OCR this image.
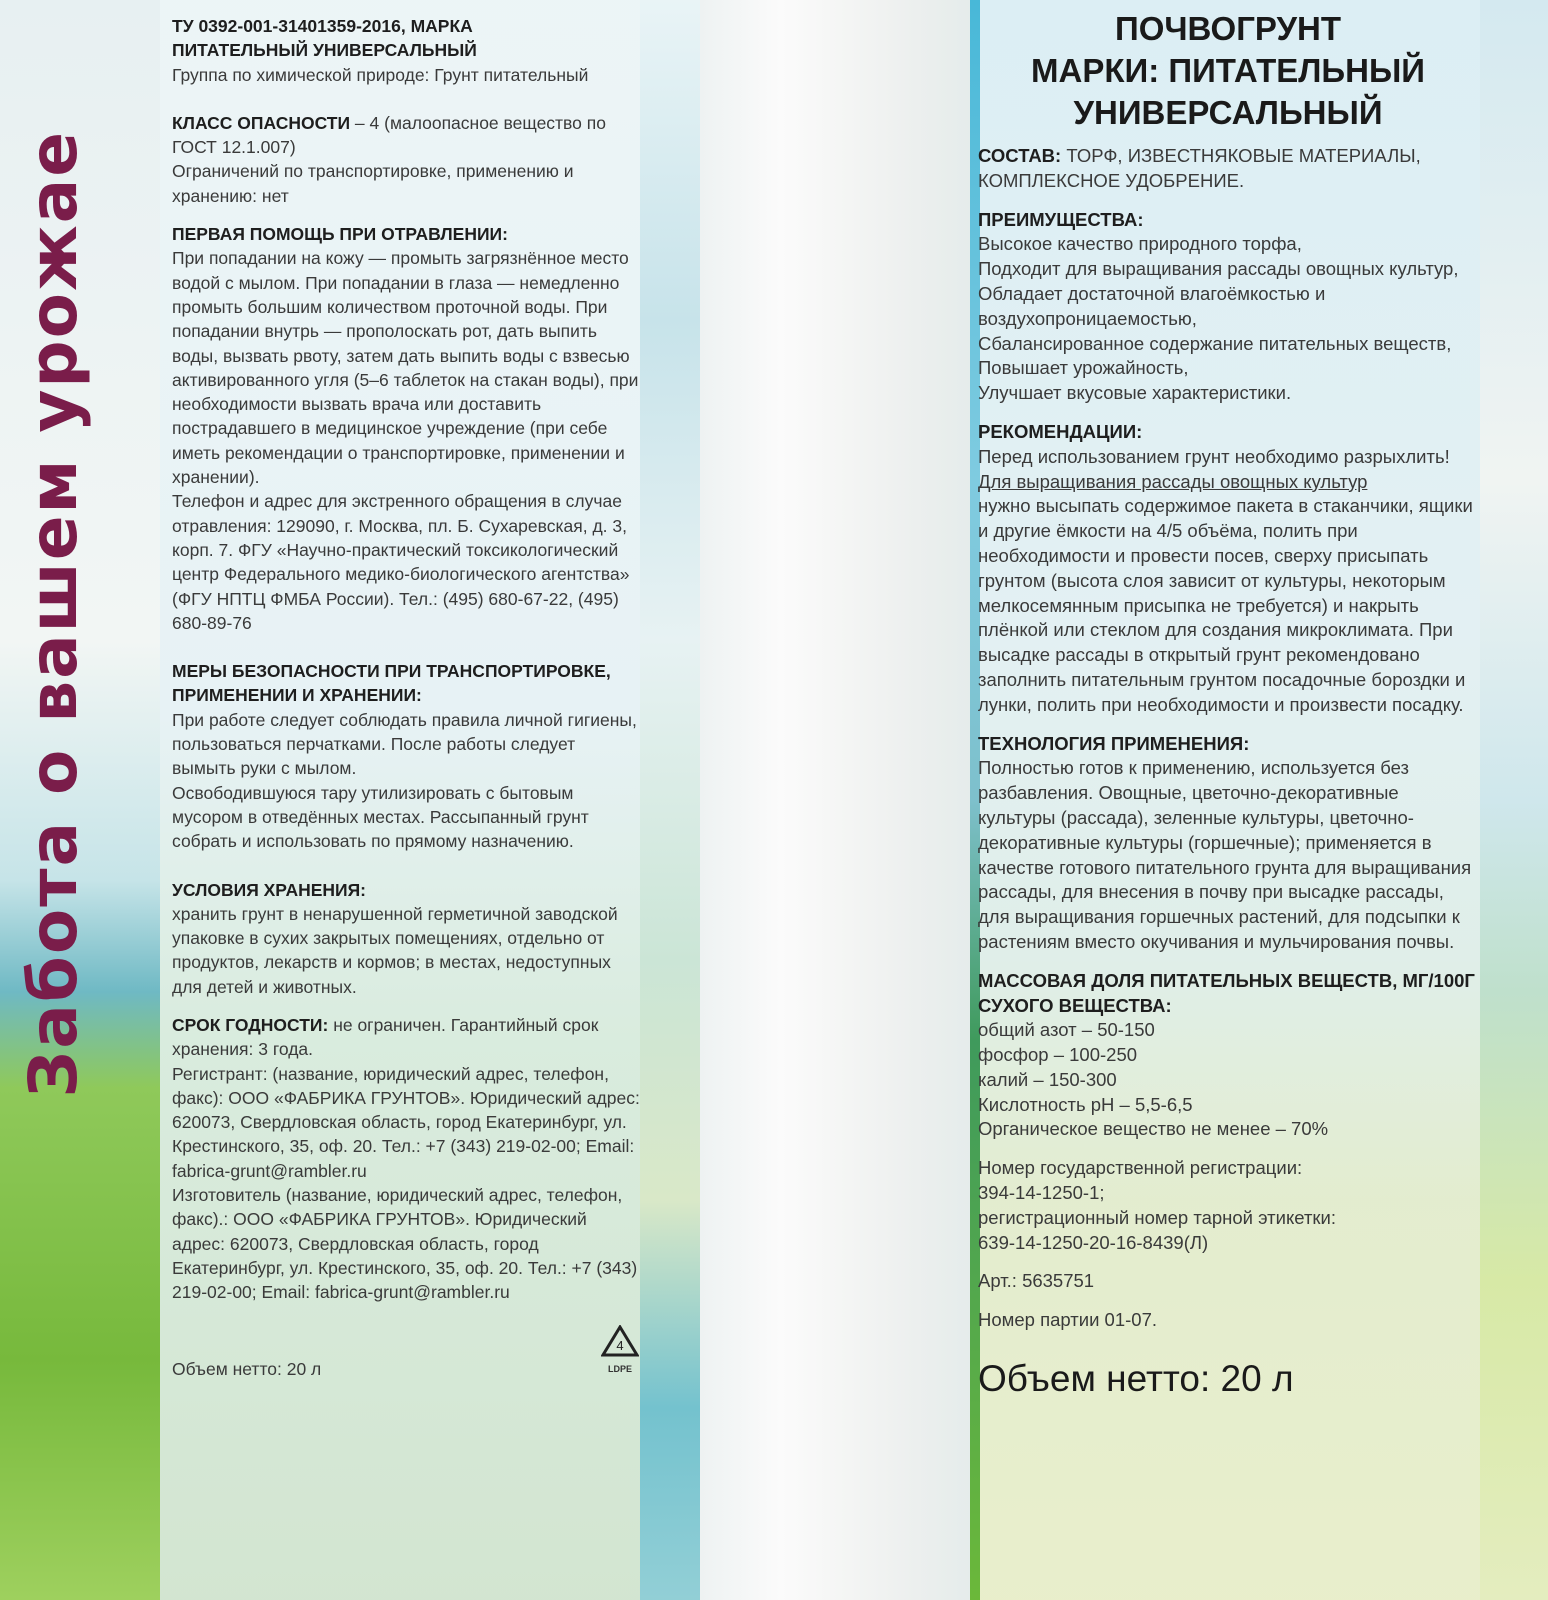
Забота о вашем урожае
ТУ 0392-001-31401359-2016, МАРКА
ПИТАТЕЛЬНЫЙ УНИВЕРСАЛЬНЫЙ

Группа по химической природе: Грунт питательный

КЛАСС ОПАСНОСТИ – 4 (малоопасное вещество по ГОСТ 12.1.007)

Ограничений по транспортировке, применению и хранению: нет

ПЕРВАЯ ПОМОЩЬ ПРИ ОТРАВЛЕНИИ:

При попадании на кожу — промыть загрязнённое место водой с мылом. При попадании в глаза — немедленно промыть большим количеством проточной воды. При попадании внутрь — прополоскать рот, дать выпить воды, вызвать рвоту, затем дать выпить воды с взвесью активированного угля (5–6 таблеток на стакан воды), при необходимости вызвать врача или доставить пострадавшего в медицинское учреждение (при себе иметь рекомендации о транспортировке, применении и хранении).

Телефон и адрес для экстренного обращения в случае отравления: 129090, г. Москва, пл. Б. Сухаревская, д. 3, корп. 7. ФГУ «Научно-практический токсикологический центр Федерального медико-биологического агентства» (ФГУ НПТЦ ФМБА России). Тел.: (495) 680-67-22, (495) 680-89-76

МЕРЫ БЕЗОПАСНОСТИ ПРИ ТРАНСПОРТИРОВКЕ, ПРИМЕНЕНИИ И ХРАНЕНИИ:

При работе следует соблюдать правила личной гигиены, пользоваться перчатками. После работы следует вымыть руки с мылом.

Освободившуюся тару утилизировать с бытовым мусором в отведённых местах. Рассыпанный грунт собрать и использовать по прямому назначению.

УСЛОВИЯ ХРАНЕНИЯ:

хранить грунт в ненарушенной герметичной заводской упаковке в сухих закрытых помещениях, отдельно от продуктов, лекарств и кормов; в местах, недоступных для детей и животных.

СРОК ГОДНОСТИ: не ограничен. Гарантийный срок хранения: 3 года.

Регистрант: (название, юридический адрес, телефон, факс): ООО «ФАБРИКА ГРУНТОВ». Юридический адрес: 620073, Свердловская область, город Екатеринбург, ул. Крестинского, 35, оф. 20. Тел.: +7 (343) 219-02-00; Email: fabrica-grunt@rambler.ru

Изготовитель (название, юридический адрес, телефон, факс).: ООО «ФАБРИКА ГРУНТОВ». Юридический адрес: 620073, Свердловская область, город Екатеринбург, ул. Крестинского, 35, оф. 20. Тел.: +7 (343) 219-02-00; Email: fabrica-grunt@rambler.ru

Объем нетто: 20 л
4
LDPE
ПОЧВОГРУНТ
МАРКИ: ПИТАТЕЛЬНЫЙ
УНИВЕРСАЛЬНЫЙ

СОСТАВ: ТОРФ, ИЗВЕСТНЯКОВЫЕ МАТЕРИАЛЫ, КОМПЛЕКСНОЕ УДОБРЕНИЕ.

ПРЕИМУЩЕСТВА:

Высокое качество природного торфа,

Подходит для выращивания рассады овощных культур,

Обладает достаточной влагоёмкостью и воздухопроницаемостью,

Сбалансированное содержание питательных веществ,

Повышает урожайность,

Улучшает вкусовые характеристики.

РЕКОМЕНДАЦИИ:

Перед использованием грунт необходимо разрыхлить!

Для выращивания рассады овощных культур

нужно высыпать содержимое пакета в стаканчики, ящики и другие ёмкости на 4/5 объёма, полить при необходимости и провести посев, сверху присыпать грунтом (высота слоя зависит от культуры, некоторым мелкосемянным присыпка не требуется) и накрыть плёнкой или стеклом для создания микроклимата. При высадке рассады в открытый грунт рекомендовано заполнить питательным грунтом посадочные бороздки и лунки, полить при необходимости и произвести посадку.

ТЕХНОЛОГИЯ ПРИМЕНЕНИЯ:

Полностью готов к применению, используется без разбавления. Овощные, цветочно-декоративные культуры (рассада), зеленные культуры, цветочно-декоративные культуры (горшечные); применяется в качестве готового питательного грунта для выращивания рассады, для внесения в почву при высадке рассады, для выращивания горшечных растений, для подсыпки к растениям вместо окучивания и мульчирования почвы.

МАССОВАЯ ДОЛЯ ПИТАТЕЛЬНЫХ ВЕЩЕСТВ, МГ/100Г СУХОГО ВЕЩЕСТВА:

общий азот – 50-150

фосфор – 100-250

калий – 150-300

Кислотность pH – 5,5-6,5

Органическое вещество не менее – 70%

Номер государственной регистрации:

394-14-1250-1;

регистрационный номер тарной этикетки:

639-14-1250-20-16-8439(Л)

Арт.: 5635751

Номер партии 01-07.

Объем нетто: 20 л
